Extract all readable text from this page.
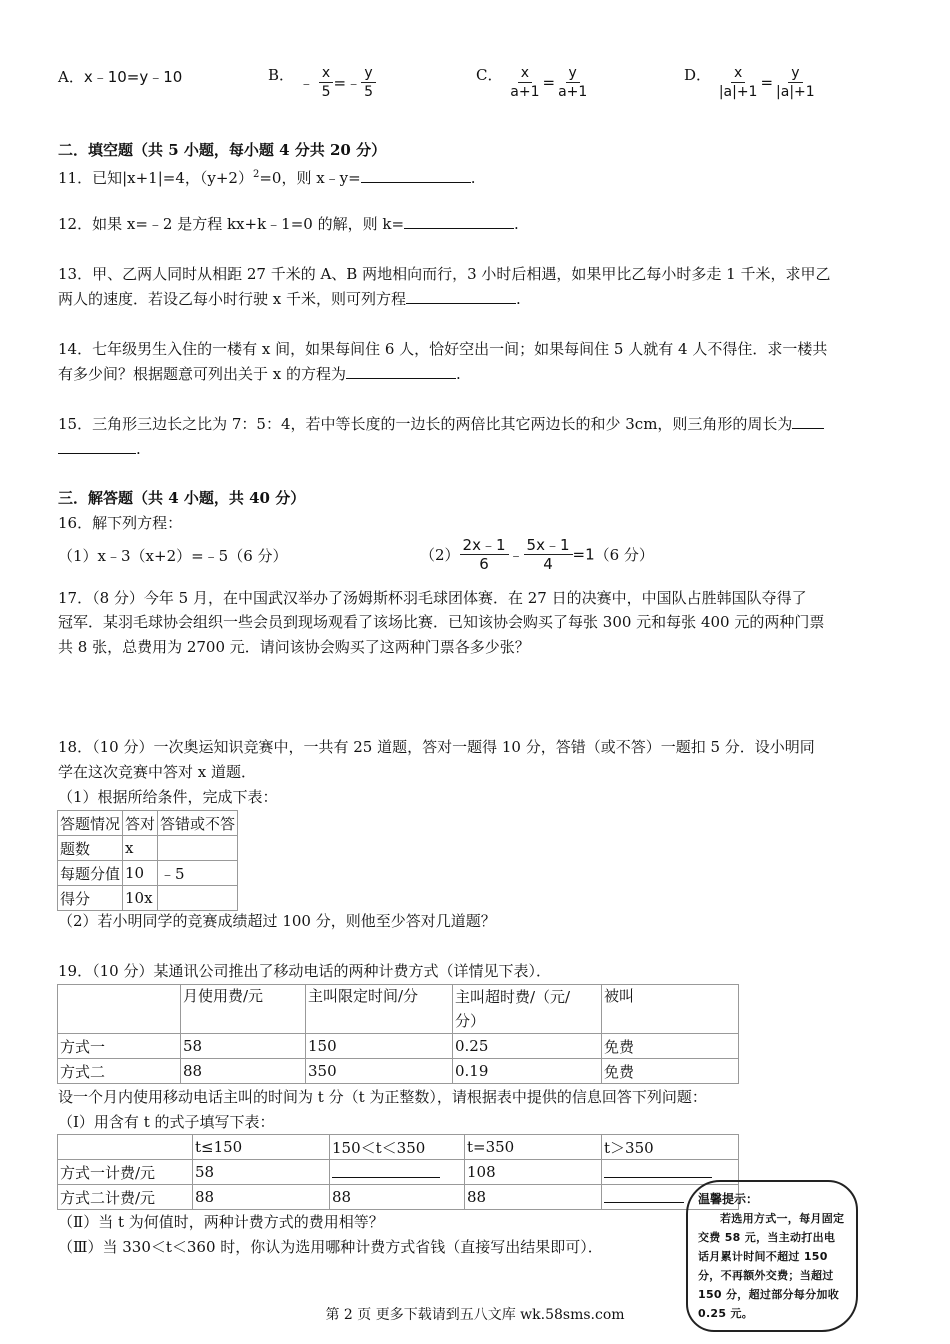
A．x﹣10=y﹣10	B． ﹣ $\frac{x}{5}$ =﹣ $\frac{y}{5}$	C． $\frac{x}{a+1} = \frac{y}{a+1}$	D． $\frac{x}{|a|+1} = \frac{y}{|a|+1}$
二．填空题（共 5 小题，每小题 4 分共 20 分）
11．已知|x+1|=4，$(y+2)^2=0$，则 x﹣y=	.
12．如果 x=﹣2 是方程 kx+k﹣1=0 的解，则 k=	.
13．甲、乙两人同时从相距 27 千米的 A、B 两地相向而行，3 小时后相遇，如果甲比乙每小时多走 1 千米，求甲乙
两人的速度．若设乙每小时行驶 x 千米，则可列方程	.
14．七年级男生入住的一楼有 x 间，如果每间住 6 人，恰好空出一间；如果每间住 5 人就有 4 人不得住．求一楼共
有多少间？根据题意可列出关于 x 的方程为	.
15．三角形三边长之比为 7：5：4，若中等长度的一边长的两倍比其它两边长的和少 3cm，则三角形的周长为
.
三．解答题（共 4 小题，共 40 分）
16．解下列方程：
（1）x﹣3（x+2）=﹣5（6 分）	$(2) \frac{2x﹣1}{6}$ ﹣ $\frac{5x﹣1}{4} =1(6$ 分）
17．（8 分）今年 5 月，在中国武汉举办了汤姆斯杯羽毛球团体赛．在 27 日的决赛中，中国队占胜韩国队夺得了
冠军．某羽毛球协会组织一些会员到现场观看了该场比赛．已知该协会购买了每张 300 元和每张 400 元的两种门票
共 8 张，总费用为 2700 元．请问该协会购买了这两种门票各多少张？
18．（10 分）一次奥运知识竞赛中，一共有 25 道题，答对一题得 10 分，答错（或不答）一题扣 5 分．设小明同
学在这次竞赛中答对 x 道题．
（1）根据所给条件，完成下表：
答题情况	答对	答错或不答
题数	x	
每题分值	10	﹣5
得分	10x	
（2）若小明同学的竞赛成绩超过 100 分，则他至少答对几道题？
19．（10 分）某通讯公司推出了移动电话的两种计费方式（详情见下表）．
	月使用费/元	主叫限定时间/分	主叫超时费/（元/
分）	被叫
方式一	58	150	0.25	免费
方式二	88	350	0.19	免费
设一个月内使用移动电话主叫的时间为 t 分（t 为正整数），请根据表中提供的信息回答下列问题：
（Ⅰ）用含有 t 的式子填写下表：
	t≤150	150＜t＜350	t=350	t＞350
方式一计费/元	58		108	
方式二计费/元	88	88	88	
（Ⅱ）当 t 为何值时，两种计费方式的费用相等？
（Ⅲ）当 330＜t＜360 时，你认为选用哪种计费方式省钱（直接写出结果即可）．
温馨提示：
若选用方式一，每月固定交费 58 元，当主动打出电话月累计时间不超过 150 分，不再额外交费；当超过 150 分，超过部分每分加收 0.25 元。
第 2 页 更多下载请到五八文库 wk.58sms.com
